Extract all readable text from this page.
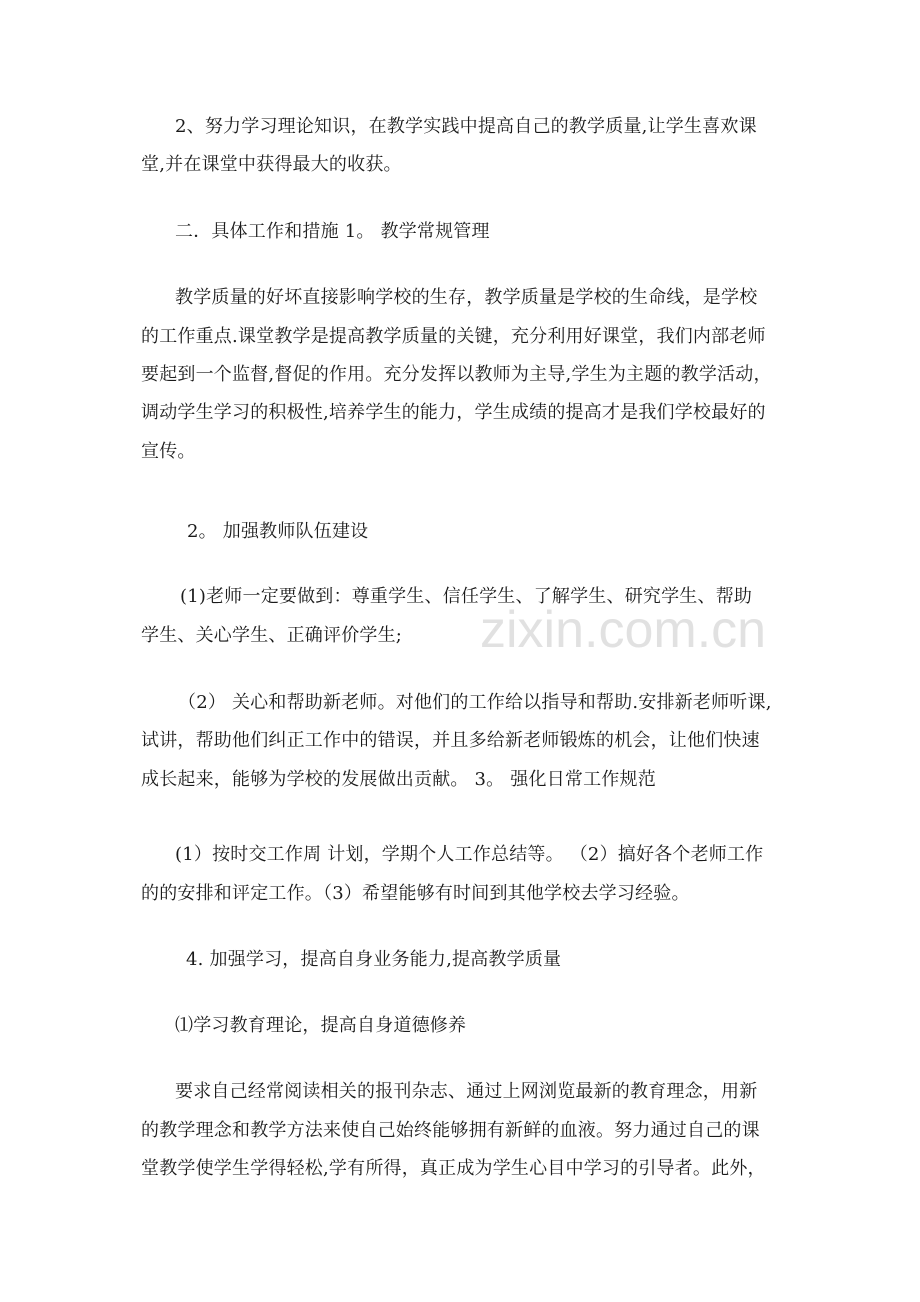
zixin.com.cn
2、努力学习理论知识，在教学实践中提高自己的教学质量,让学生喜欢课
堂,并在课堂中获得最大的收获。
二．具体工作和措施 1。 教学常规管理
教学质量的好坏直接影响学校的生存，教学质量是学校的生命线，是学校
的工作重点.课堂教学是提高教学质量的关键，充分利用好课堂，我们内部老师
要起到一个监督,督促的作用。充分发挥以教师为主导,学生为主题的教学活动，
调动学生学习的积极性,培养学生的能力，学生成绩的提高才是我们学校最好的
宣传。
2。 加强教师队伍建设
(1)老师一定要做到：尊重学生、信任学生、了解学生、研究学生、帮助
学生、关心学生、正确评价学生;
（2） 关心和帮助新老师。对他们的工作给以指导和帮助.安排新老师听课,
试讲，帮助他们纠正工作中的错误，并且多给新老师锻炼的机会，让他们快速
成长起来，能够为学校的发展做出贡献。 3。 强化日常工作规范
(1）按时交工作周 计划，学期个人工作总结等。 （2）搞好各个老师工作
的的安排和评定工作。（3）希望能够有时间到其他学校去学习经验。
4. 加强学习，提高自身业务能力,提高教学质量
⑴学习教育理论，提高自身道德修养
要求自己经常阅读相关的报刊杂志、通过上网浏览最新的教育理念，用新
的教学理念和教学方法来使自己始终能够拥有新鲜的血液。努力通过自己的课
堂教学使学生学得轻松,学有所得，真正成为学生心目中学习的引导者。此外，
